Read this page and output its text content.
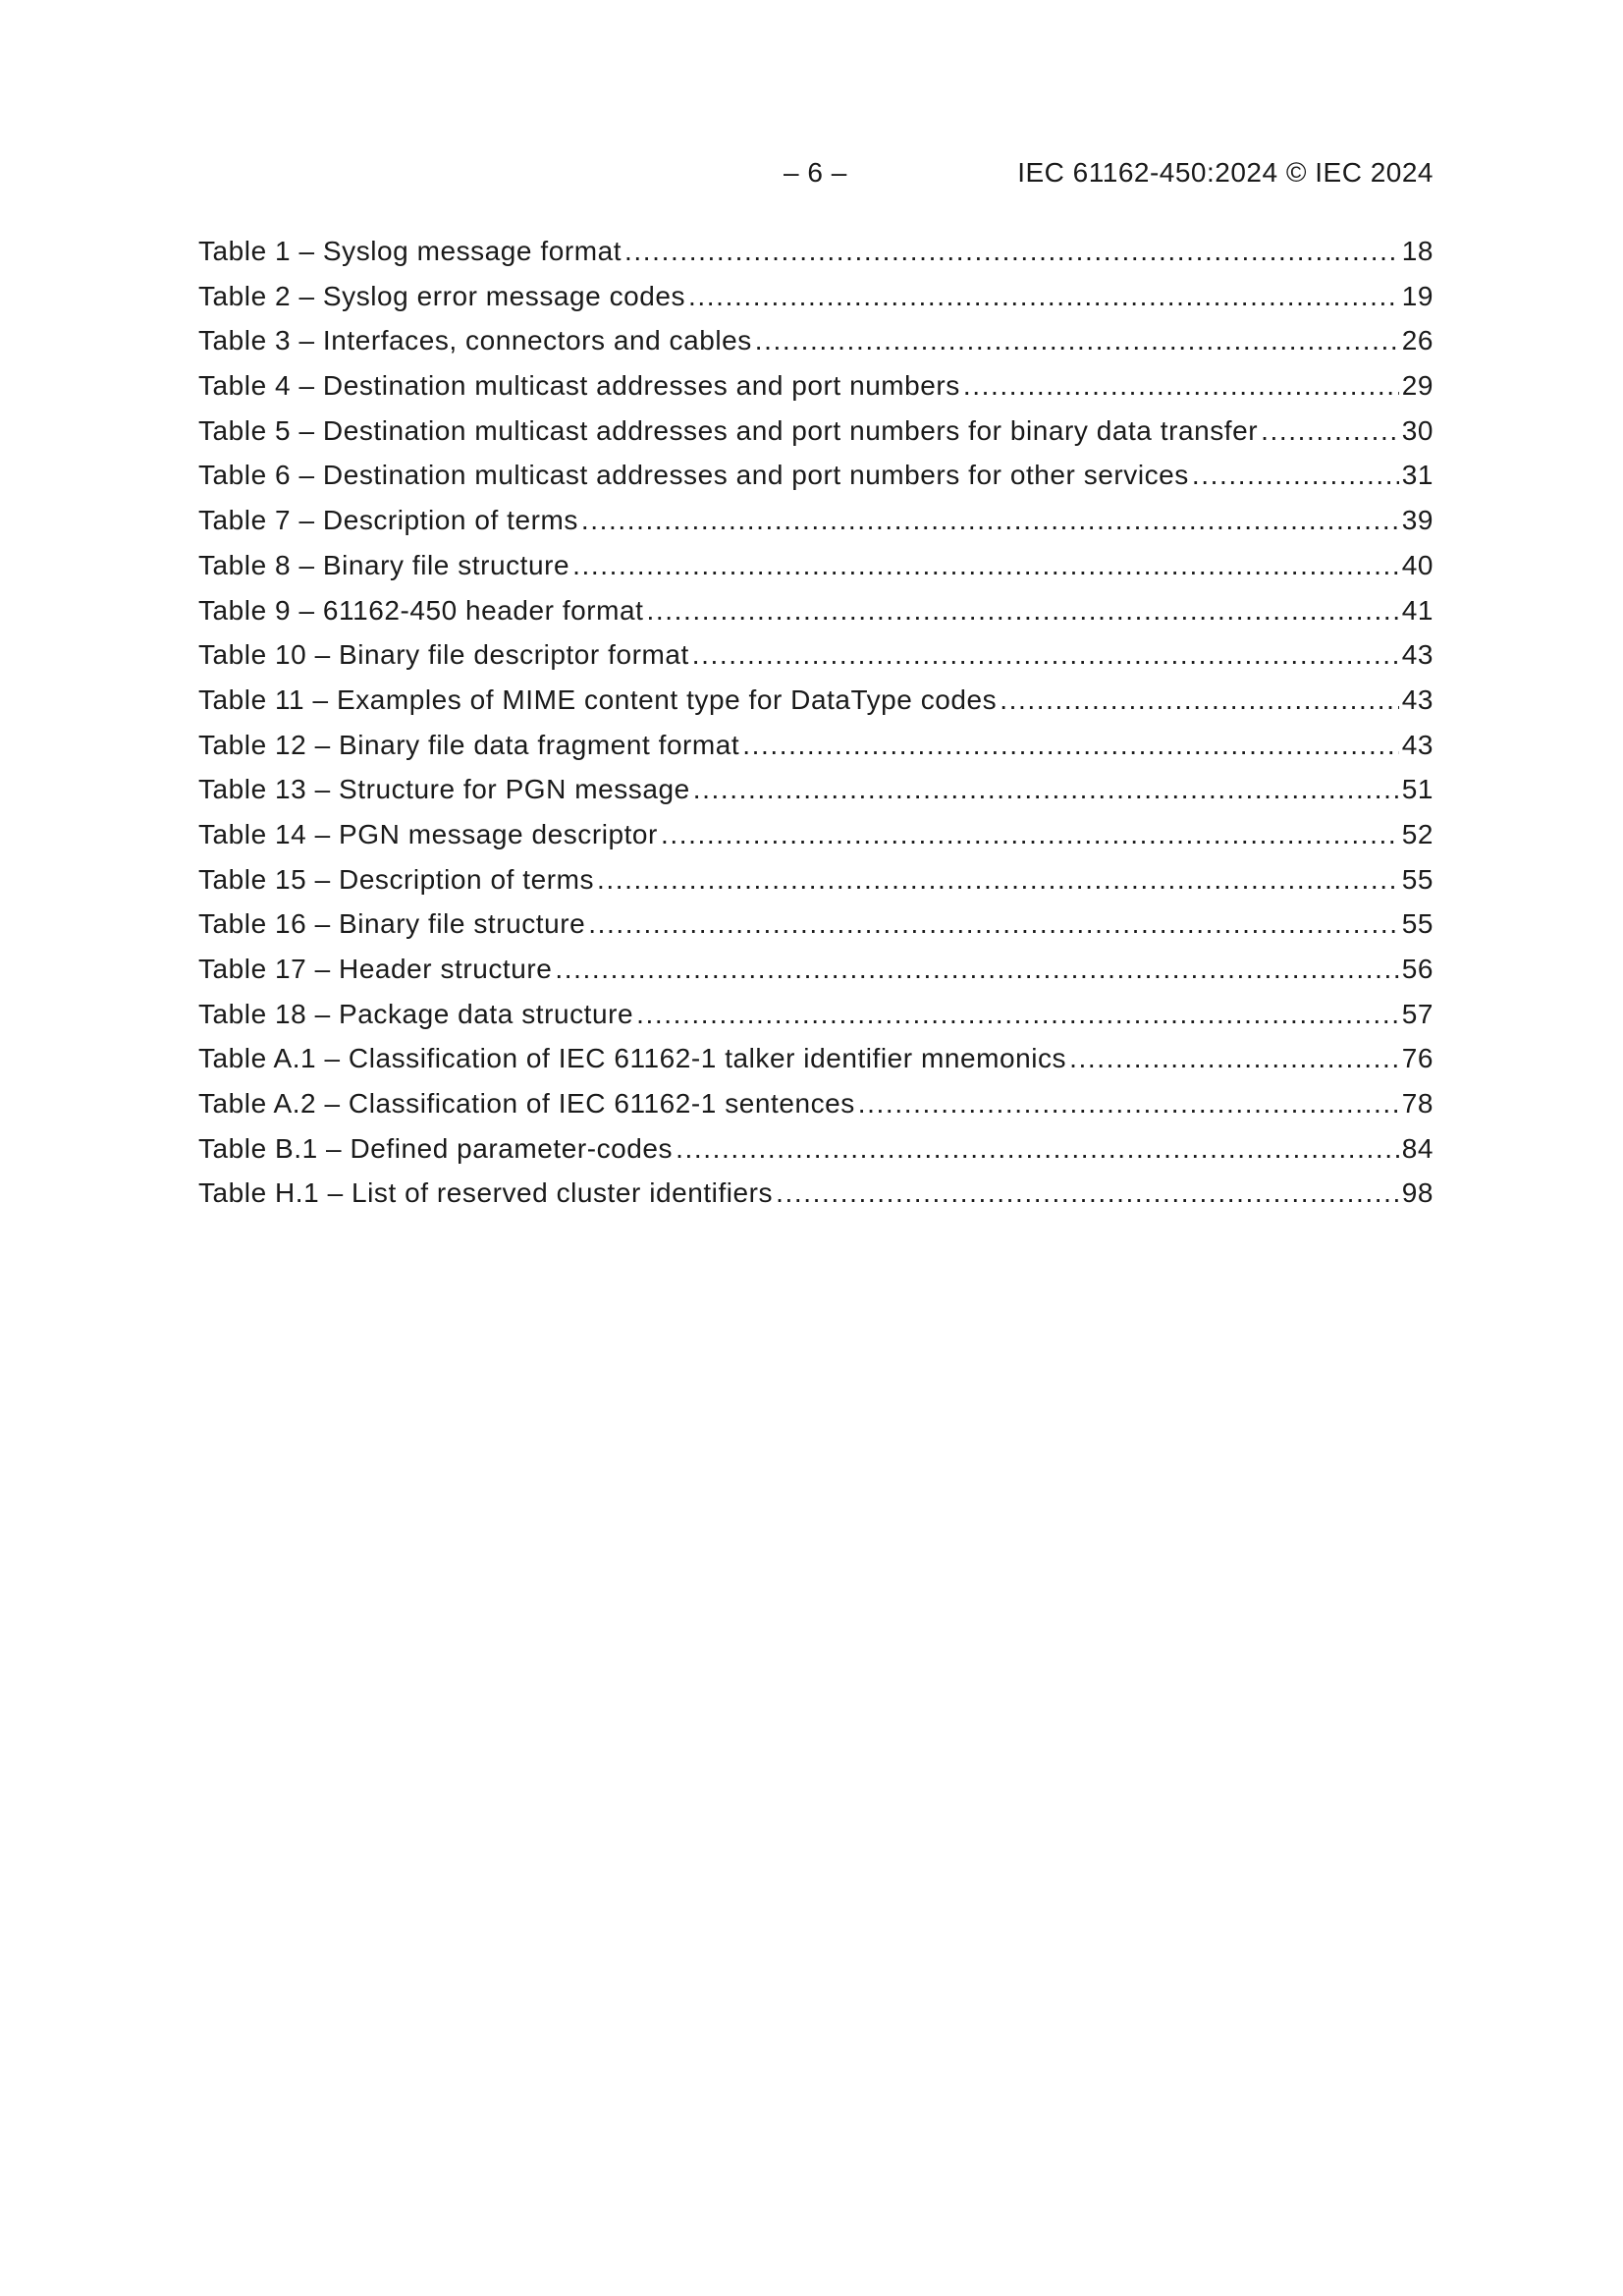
– 6 –	IEC 61162-450:2024 © IEC 2024
Table 1 – Syslog message format .....	18
Table 2 – Syslog error message codes .....	19
Table 3 – Interfaces, connectors and cables .....	26
Table 4 – Destination multicast addresses and port numbers .....	29
Table 5 – Destination multicast addresses and port numbers for binary data transfer .....	30
Table 6 – Destination multicast addresses and port numbers for other services .....	31
Table 7 – Description of terms .....	39
Table 8 – Binary file structure .....	40
Table 9 – 61162-450 header format .....	41
Table 10 – Binary file descriptor format .....	43
Table 11 – Examples of MIME content type for DataType codes .....	43
Table 12 – Binary file data fragment format .....	43
Table 13 – Structure for PGN message .....	51
Table 14 – PGN message descriptor .....	52
Table 15 – Description of terms .....	55
Table 16 – Binary file structure .....	55
Table 17 – Header structure .....	56
Table 18 – Package data structure .....	57
Table A.1 – Classification of IEC 61162-1 talker identifier mnemonics .....	76
Table A.2 – Classification of IEC 61162-1 sentences .....	78
Table B.1 – Defined parameter-codes .....	84
Table H.1 – List of reserved cluster identifiers .....	98
